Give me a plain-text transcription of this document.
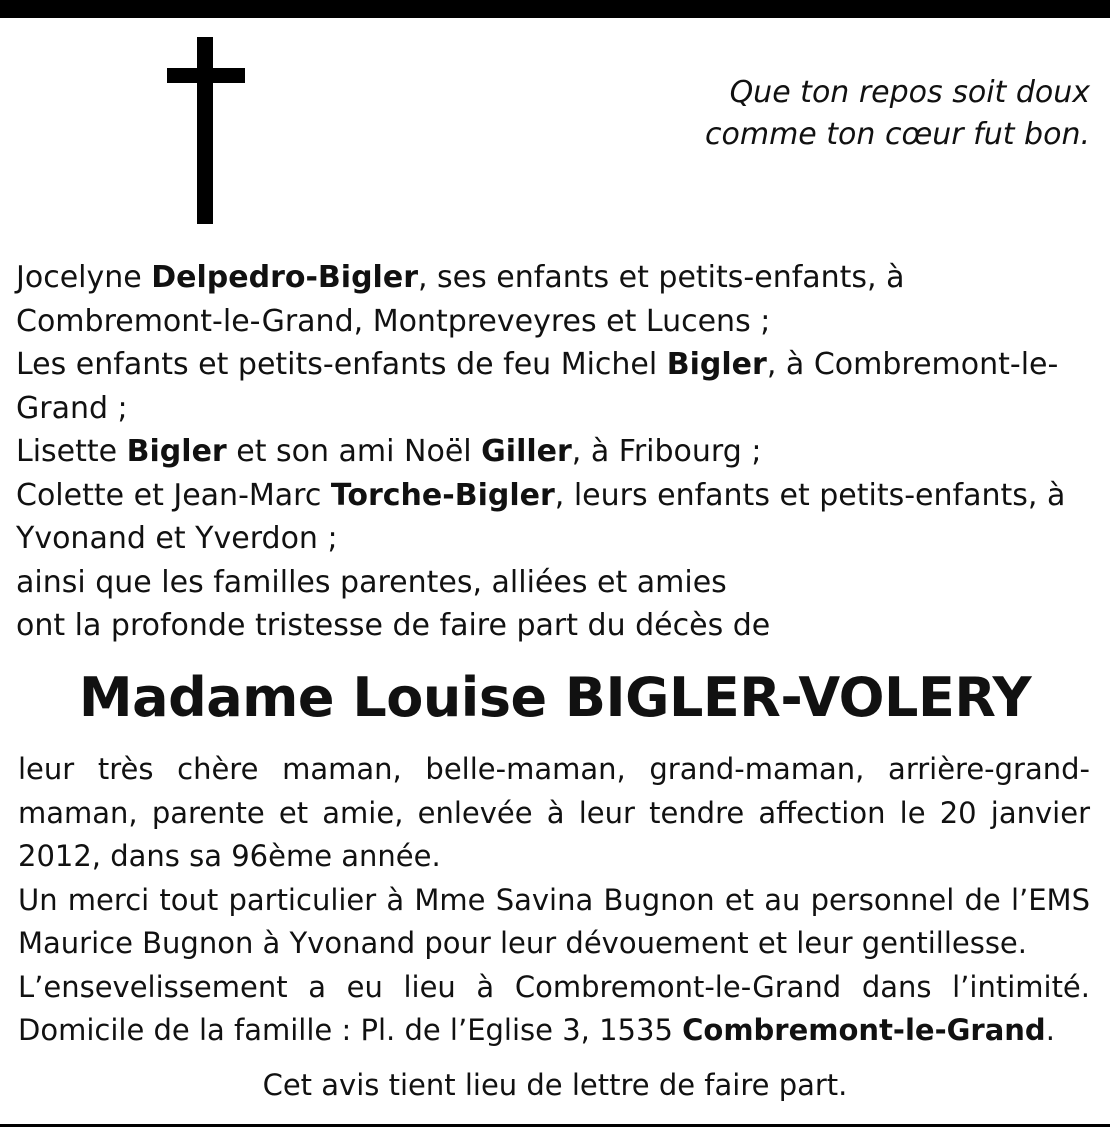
Que ton repos soit doux
comme ton cœur fut bon.

Jocelyne Delpedro-Bigler, ses enfants et petits-enfants, à Combremont-le-Grand, Montpreveyres et Lucens ;

Les enfants et petits-enfants de feu Michel Bigler, à Combremont-le-Grand ;

Lisette Bigler et son ami Noël Giller, à Fribourg ;

Colette et Jean-Marc Torche-Bigler, leurs enfants et petits-enfants, à Yvonand et Yverdon ;

ainsi que les familles parentes, alliées et amies

ont la profonde tristesse de faire part du décès de

Madame Louise BIGLER-VOLERY

leur très chère maman, belle-maman, grand-maman, arrière-grand-maman, parente et amie, enlevée à leur tendre affection le 20 janvier 2012, dans sa 96ème année.

Un merci tout particulier à Mme Savina Bugnon et au personnel de l’EMS Maurice Bugnon à Yvonand pour leur dévouement et leur gentillesse.

L’ensevelissement a eu lieu à Combremont-le-Grand dans l’intimité.

Domicile de la famille : Pl. de l’Eglise 3, 1535 Combremont-le-Grand.

Cet avis tient lieu de lettre de faire part.
